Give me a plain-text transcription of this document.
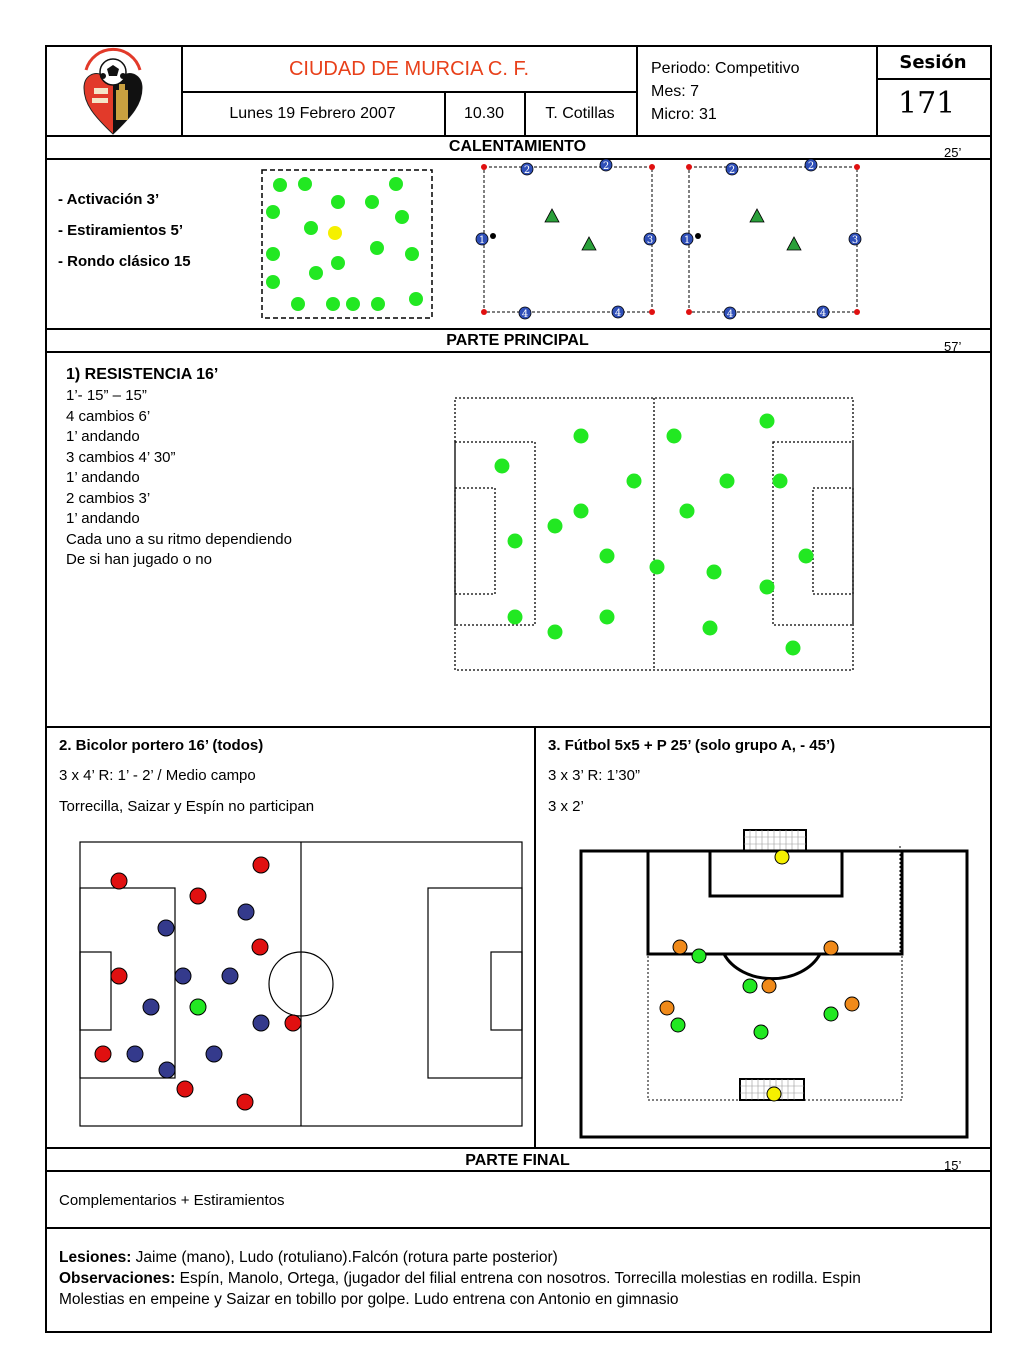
CIUDAD DE MURCIA C. F.
Lunes 19 Febrero 2007	10.30	T. Cotillas
Periodo: Competitivo
Mes: 7
Micro: 31
Sesión
171
CALENTAMIENTO	25’
- Activación 3’
- Estiramientos 5’
- Rondo clásico 15
2	2
1	3
4	4
2	2
1	3
4	4
PARTE PRINCIPAL	57’
1) RESISTENCIA 16’
1’- 15” – 15”
4 cambios 6’
1’ andando
3 cambios 4’ 30”
1’ andando
2 cambios 3’
1’ andando
Cada uno a su ritmo dependiendo
De si han jugado o no
2. Bicolor portero 16’ (todos)
3 x 4’ R: 1’ - 2’ / Medio campo
Torrecilla, Saizar y Espín no participan
3. Fútbol 5x5 + P 25’ (solo grupo A, - 45’)
3 x 3’ R: 1’30”
3 x 2’
PARTE FINAL	15’
Complementarios + Estiramientos
Lesiones: Jaime (mano), Ludo (rotuliano).Falcón (rotura parte posterior)
Observaciones: Espín, Manolo, Ortega, (jugador del filial entrena con nosotros. Torrecilla molestias en rodilla. Espin
Molestias en empeine y Saizar en tobillo por golpe. Ludo entrena con Antonio en gimnasio
